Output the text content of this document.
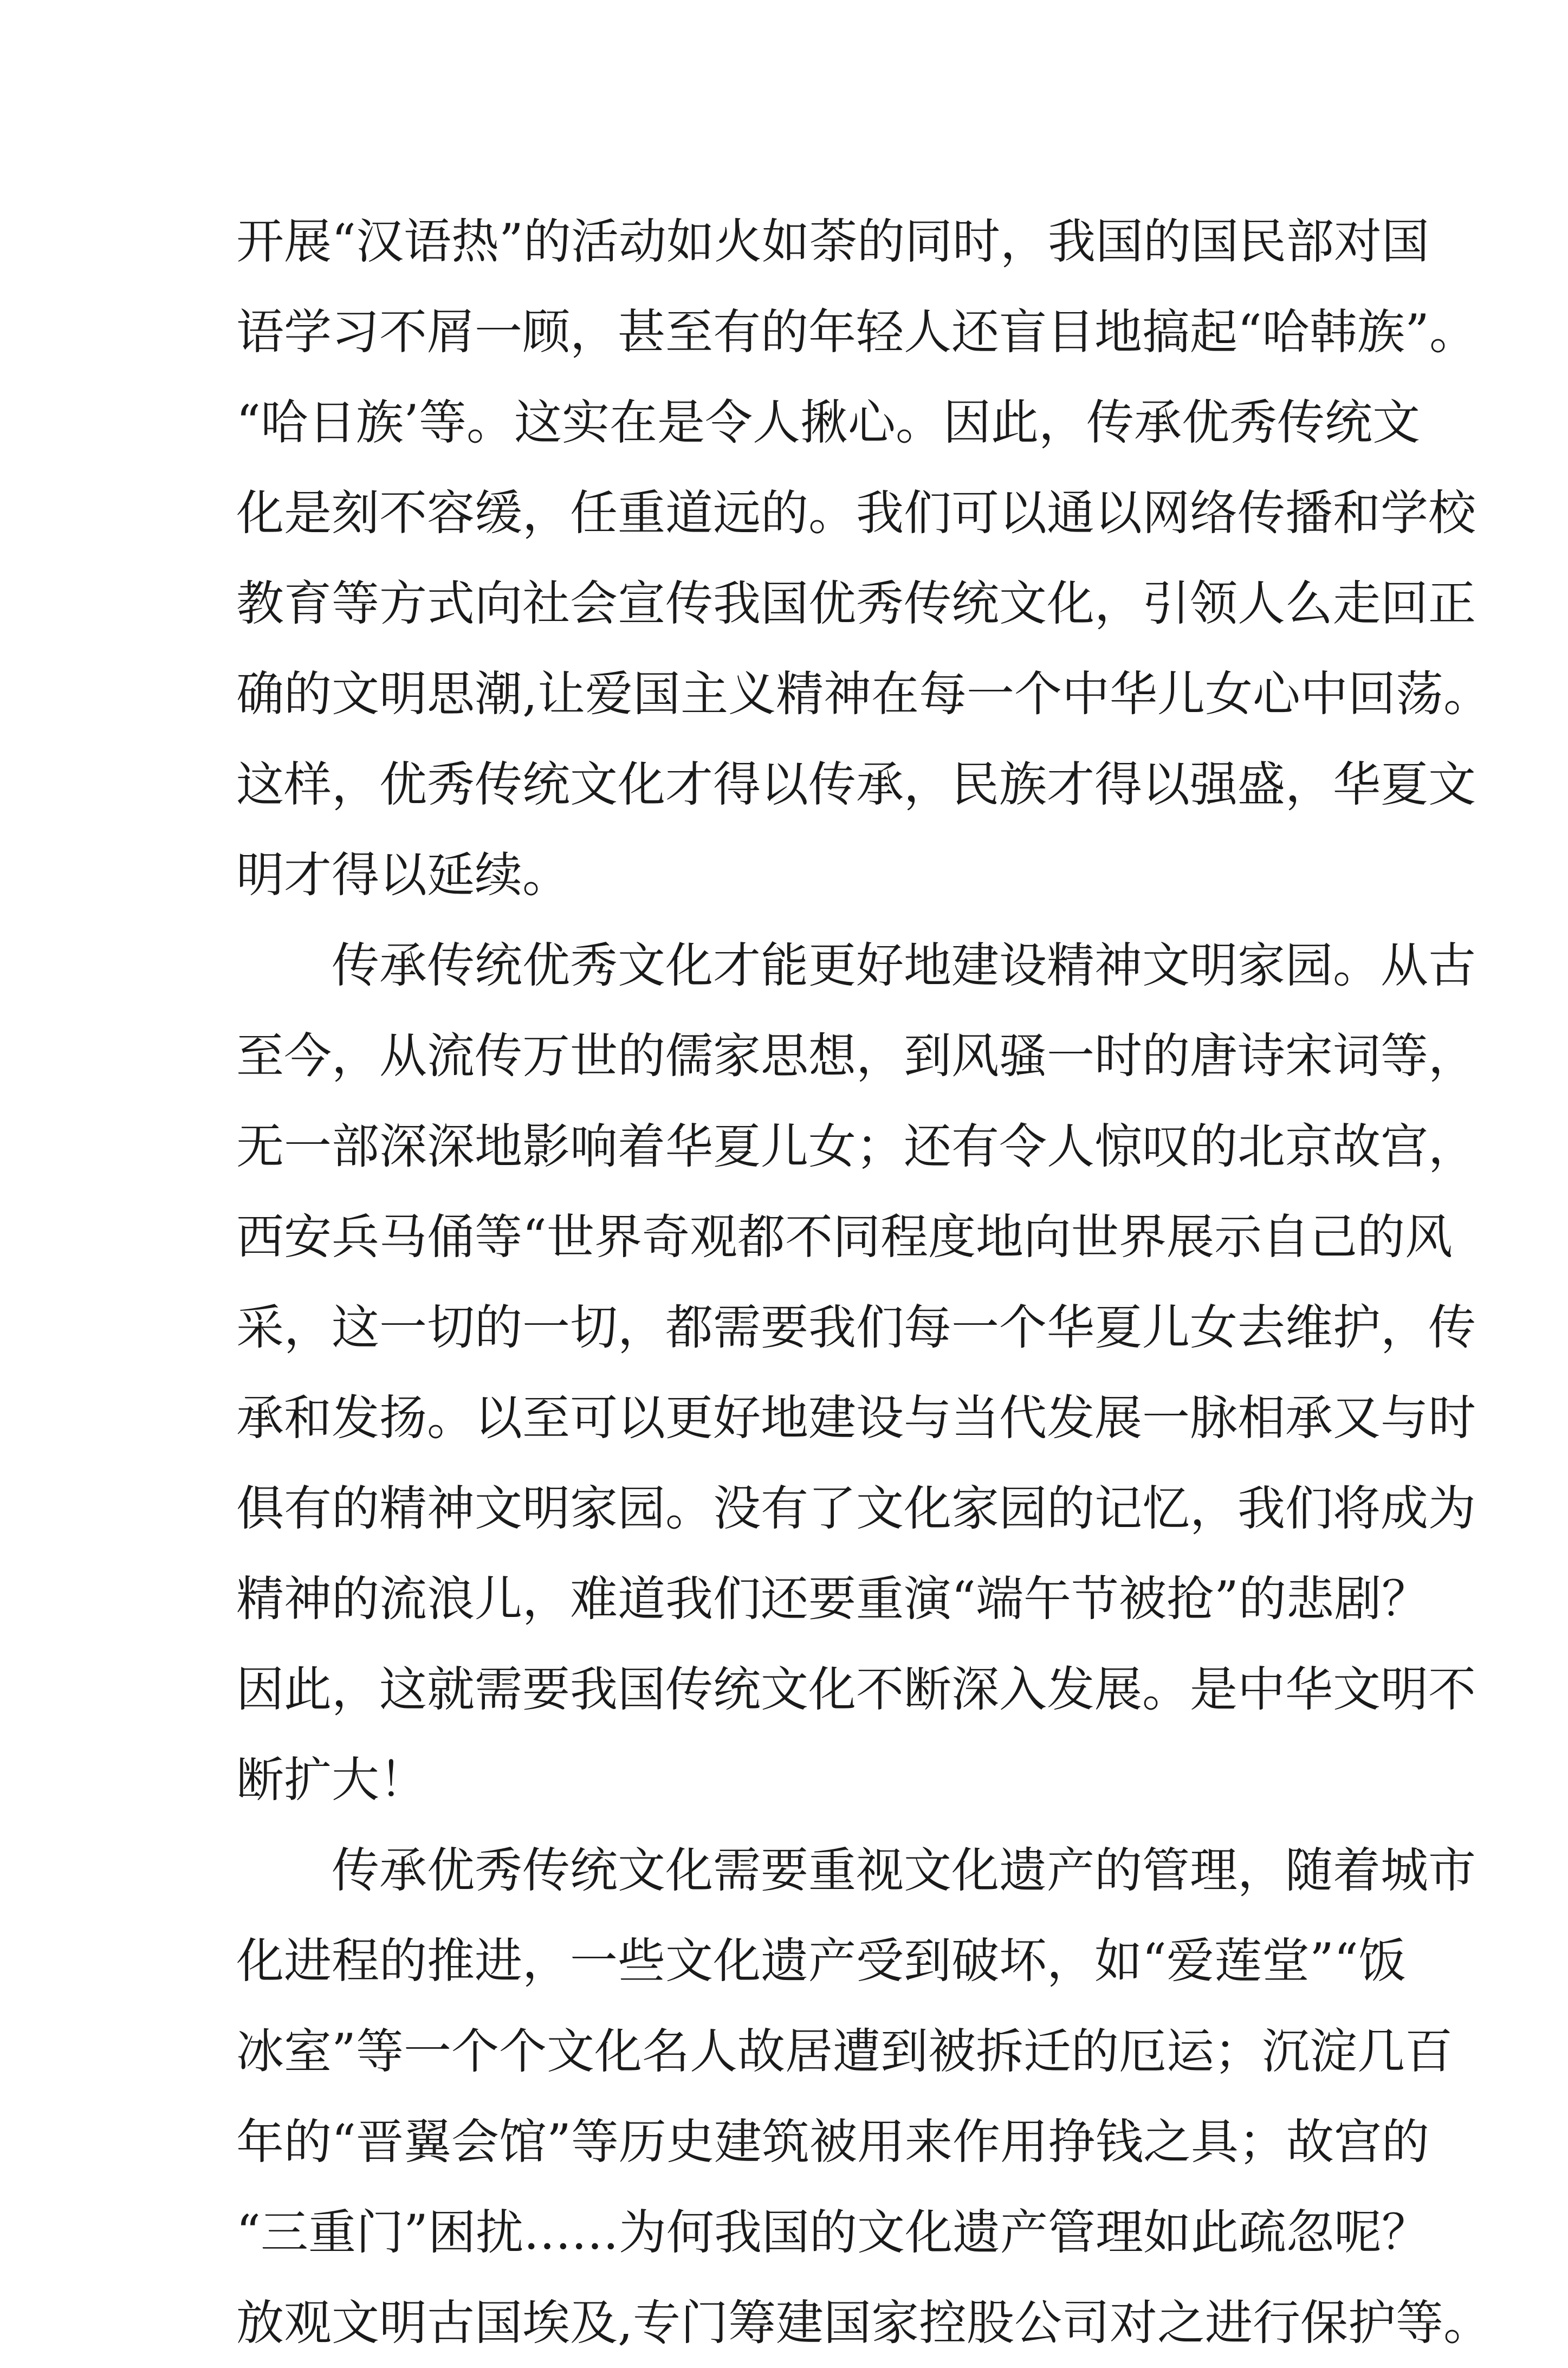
开展“汉语热”的活动如火如荼的同时，我国的国民部对国
语学习不屑一顾，甚至有的年轻人还盲目地搞起“哈韩族”。
“哈日族’等。这实在是令人揪心。因此，传承优秀传统文
化是刻不容缓，任重道远的。我们可以通以网络传播和学校
教育等方式向社会宣传我国优秀传统文化，引领人么走回正
确的文明思潮,让爱国主义精神在每一个中华儿女心中回荡。
这样，优秀传统文化才得以传承，民族才得以强盛，华夏文
明才得以延续。
传承传统优秀文化才能更好地建设精神文明家园。从古
至今，从流传万世的儒家思想，到风骚一时的唐诗宋词等，
无一部深深地影响着华夏儿女；还有令人惊叹的北京故宫，
西安兵马俑等“世界奇观都不同程度地向世界展示自己的风
采，这一切的一切，都需要我们每一个华夏儿女去维护，传
承和发扬。以至可以更好地建设与当代发展一脉相承又与时
俱有的精神文明家园。没有了文化家园的记忆，我们将成为
精神的流浪儿，难道我们还要重演“端午节被抢”的悲剧？
因此，这就需要我国传统文化不断深入发展。是中华文明不
断扩大！
传承优秀传统文化需要重视文化遗产的管理，随着城市
化进程的推进，一些文化遗产受到破坏，如“爱莲堂”“饭
冰室”等一个个文化名人故居遭到被拆迁的厄运；沉淀几百
年的“晋翼会馆”等历史建筑被用来作用挣钱之具；故宫的
“三重门”困扰……为何我国的文化遗产管理如此疏忽呢？
放观文明古国埃及,专门筹建国家控股公司对之进行保护等。
